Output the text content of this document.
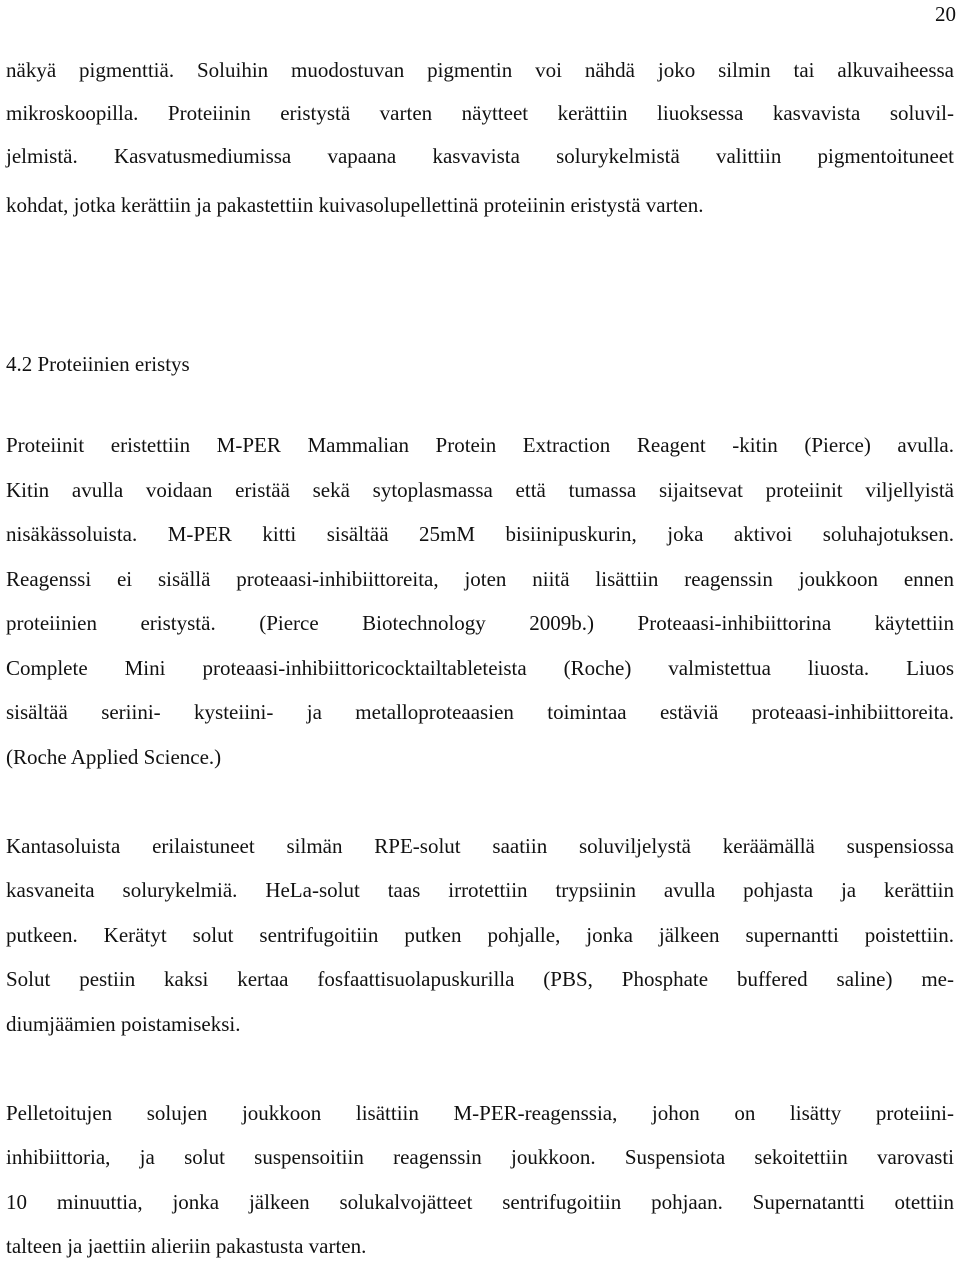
20
näkyä pigmenttiä. Soluihin muodostuvan pigmentin voi nähdä joko silmin tai alkuvaiheessa
mikroskoopilla. Proteiinin eristystä varten näytteet kerättiin liuoksessa kasvavista soluvil-
jelmistä. Kasvatusmediumissa vapaana kasvavista solurykelmistä valittiin pigmentoituneet
kohdat, jotka kerättiin ja pakastettiin kuivasolupellettinä proteiinin eristystä varten.
4.2 Proteiinien eristys
Proteiinit eristettiin M-PER Mammalian Protein Extraction Reagent -kitin (Pierce) avulla.
Kitin avulla voidaan eristää sekä sytoplasmassa että tumassa sijaitsevat proteiinit viljellyistä
nisäkässoluista. M-PER kitti sisältää 25mM bisiinipuskurin, joka aktivoi soluhajotuksen.
Reagenssi ei sisällä proteaasi-inhibiittoreita, joten niitä lisättiin reagenssin joukkoon ennen
proteiinien eristystä. (Pierce Biotechnology 2009b.) Proteaasi-inhibiittorina käytettiin
Complete Mini proteaasi-inhibiittoricocktailtableteista (Roche) valmistettua liuosta. Liuos
sisältää seriini- kysteiini- ja metalloproteaasien toimintaa estäviä proteaasi-inhibiittoreita.
(Roche Applied Science.)
Kantasoluista erilaistuneet silmän RPE-solut saatiin soluviljelystä keräämällä suspensiossa
kasvaneita solurykelmiä. HeLa-solut taas irrotettiin trypsiinin avulla pohjasta ja kerättiin
putkeen. Kerätyt solut sentrifugoitiin putken pohjalle, jonka jälkeen supernantti poistettiin.
Solut pestiin kaksi kertaa fosfaattisuolapuskurilla (PBS, Phosphate buffered saline) me-
diumjäämien poistamiseksi.
Pelletoitujen solujen joukkoon lisättiin M-PER-reagenssia, johon on lisätty proteiini-
inhibiittoria, ja solut suspensoitiin reagenssin joukkoon. Suspensiota sekoitettiin varovasti
10 minuuttia, jonka jälkeen solukalvojätteet sentrifugoitiin pohjaan. Supernatantti otettiin
talteen ja jaettiin alieriin pakastusta varten.
